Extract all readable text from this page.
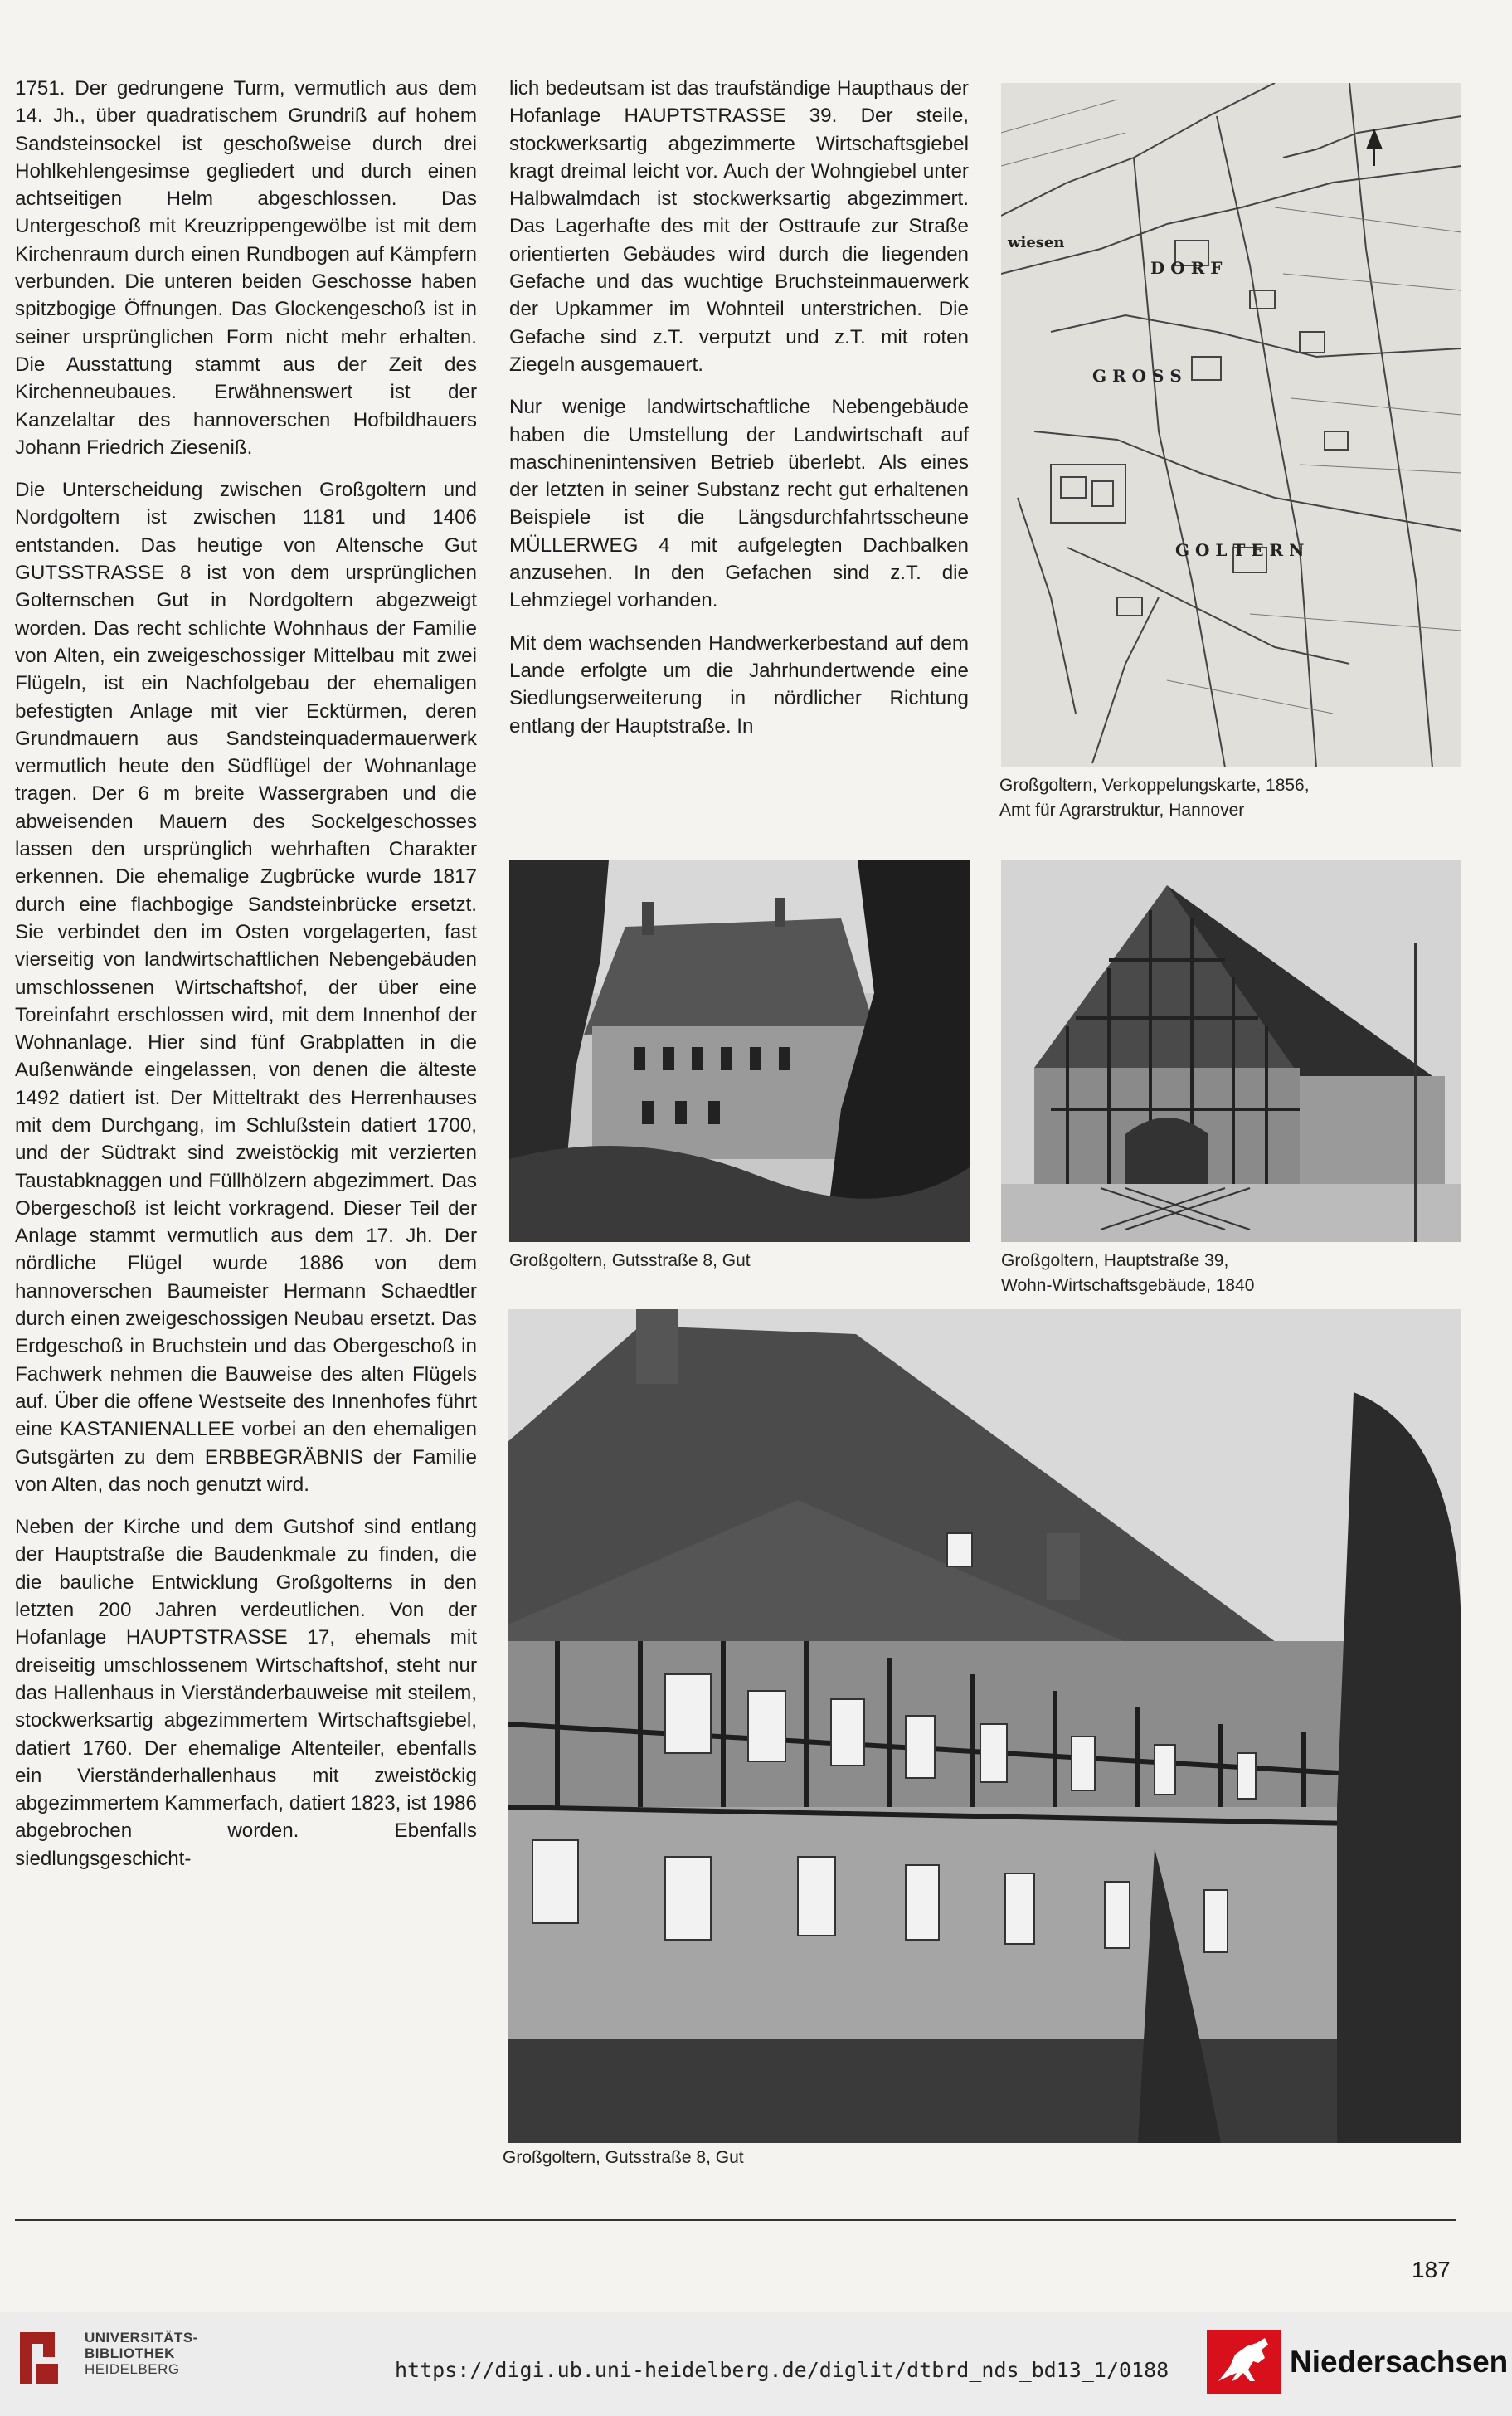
1751. Der gedrungene Turm, vermutlich aus dem 14. Jh., über quadratischem Grundriß auf hohem Sandsteinsockel ist geschoßweise durch drei Hohlkehlengesimse gegliedert und durch einen achtseitigen Helm abgeschlossen. Das Untergeschoß mit Kreuzrippengewölbe ist mit dem Kirchenraum durch einen Rundbogen auf Kämpfern verbunden. Die unteren beiden Geschosse haben spitzbogige Öffnungen. Das Glockengeschoß ist in seiner ursprünglichen Form nicht mehr erhalten. Die Ausstattung stammt aus der Zeit des Kirchenneubaues. Erwähnenswert ist der Kanzelaltar des hannoverschen Hofbildhauers Johann Friedrich Ziesenіß.

Die Unterscheidung zwischen Großgoltern und Nordgoltern ist zwischen 1181 und 1406 entstanden. Das heutige von Altensche Gut GUTSSTRASSE 8 ist von dem ursprünglichen Golternschen Gut in Nordgoltern abgezweigt worden. Das recht schlichte Wohnhaus der Familie von Alten, ein zweigeschossiger Mittelbau mit zwei Flügeln, ist ein Nachfolgebau der ehemaligen befestigten Anlage mit vier Ecktürmen, deren Grundmauern aus Sandsteinquadermauerwerk vermutlich heute den Südflügel der Wohnanlage tragen. Der 6 m breite Wassergraben und die abweisenden Mauern des Sockelgeschosses lassen den ursprünglich wehrhaften Charakter erkennen. Die ehemalige Zugbrücke wurde 1817 durch eine flachbogige Sandsteinbrücke ersetzt. Sie verbindet den im Osten vorgelagerten, fast vierseitig von landwirtschaftlichen Nebengebäuden umschlossenen Wirtschaftshof, der über eine Toreinfahrt erschlossen wird, mit dem Innenhof der Wohnanlage. Hier sind fünf Grabplatten in die Außenwände eingelassen, von denen die älteste 1492 datiert ist. Der Mitteltrakt des Herrenhauses mit dem Durchgang, im Schlußstein datiert 1700, und der Südtrakt sind zweistöckig mit verzierten Taustabknaggen und Füllhölzern abgezimmert. Das Obergeschoß ist leicht vorkragend. Dieser Teil der Anlage stammt vermutlich aus dem 17. Jh. Der nördliche Flügel wurde 1886 von dem hannoverschen Baumeister Hermann Schaedtler durch einen zweigeschossigen Neubau ersetzt. Das Erdgeschoß in Bruchstein und das Obergeschoß in Fachwerk nehmen die Bauweise des alten Flügels auf. Über die offene Westseite des Innenhofes führt eine KASTANIENALLEE vorbei an den ehemaligen Gutsgärten zu dem ERBBEGRÄBNIS der Familie von Alten, das noch genutzt wird.

Neben der Kirche und dem Gutshof sind entlang der Hauptstraße die Baudenkmale zu finden, die die bauliche Entwicklung Großgolterns in den letzten 200 Jahren verdeutlichen. Von der Hofanlage HAUPTSTRASSE 17, ehemals mit dreiseitig umschlossenem Wirtschaftshof, steht nur das Hallenhaus in Vierständerbauweise mit steilem, stockwerksartig abgezimmertem Wirtschaftsgiebel, datiert 1760. Der ehemalige Altenteiler, ebenfalls ein Vierständerhallenhaus mit zweistöckig abgezimmertem Kammerfach, datiert 1823, ist 1986 abgebrochen worden. Ebenfalls siedlungsgeschicht-

lich bedeutsam ist das traufständige Haupthaus der Hofanlage HAUPTSTRASSE 39. Der steile, stockwerksartig abgezimmerte Wirtschaftsgiebel kragt dreimal leicht vor. Auch der Wohngiebel unter Halbwalmdach ist stockwerksartig abgezimmert. Das Lagerhafte des mit der Osttraufe zur Straße orientierten Gebäudes wird durch die liegenden Gefache und das wuchtige Bruchsteinmauerwerk der Upkammer im Wohnteil unterstrichen. Die Gefache sind z.T. verputzt und z.T. mit roten Ziegeln ausgemauert.

Nur wenige landwirtschaftliche Nebengebäude haben die Umstellung der Landwirtschaft auf maschinenintensiven Betrieb überlebt. Als eines der letzten in seiner Substanz recht gut erhaltenen Beispiele ist die Längsdurchfahrtsscheune MÜLLERWEG 4 mit aufgelegten Dachbalken anzusehen. In den Gefachen sind z.T. die Lehmziegel vorhanden.

Mit dem wachsenden Handwerkerbestand auf dem Lande erfolgte um die Jahrhundertwende eine Siedlungserweiterung in nördlicher Richtung entlang der Hauptstraße. In

wiesen
D O R F
G R O S S
G O L T E R N
Großgoltern, Verkoppelungskarte, 1856,
Amt für Agrarstruktur, Hannover
Großgoltern, Gutsstraße 8, Gut	Großgoltern, Hauptstraße 39,
Wohn-Wirtschaftsgebäude, 1840
Großgoltern, Gutsstraße 8, Gut
187
UNIVERSITÄTS-
BIBLIOTHEK
HEIDELBERG	https://digi.ub.uni-heidelberg.de/diglit/dtbrd_nds_bd13_1/0188	Niedersachsen
